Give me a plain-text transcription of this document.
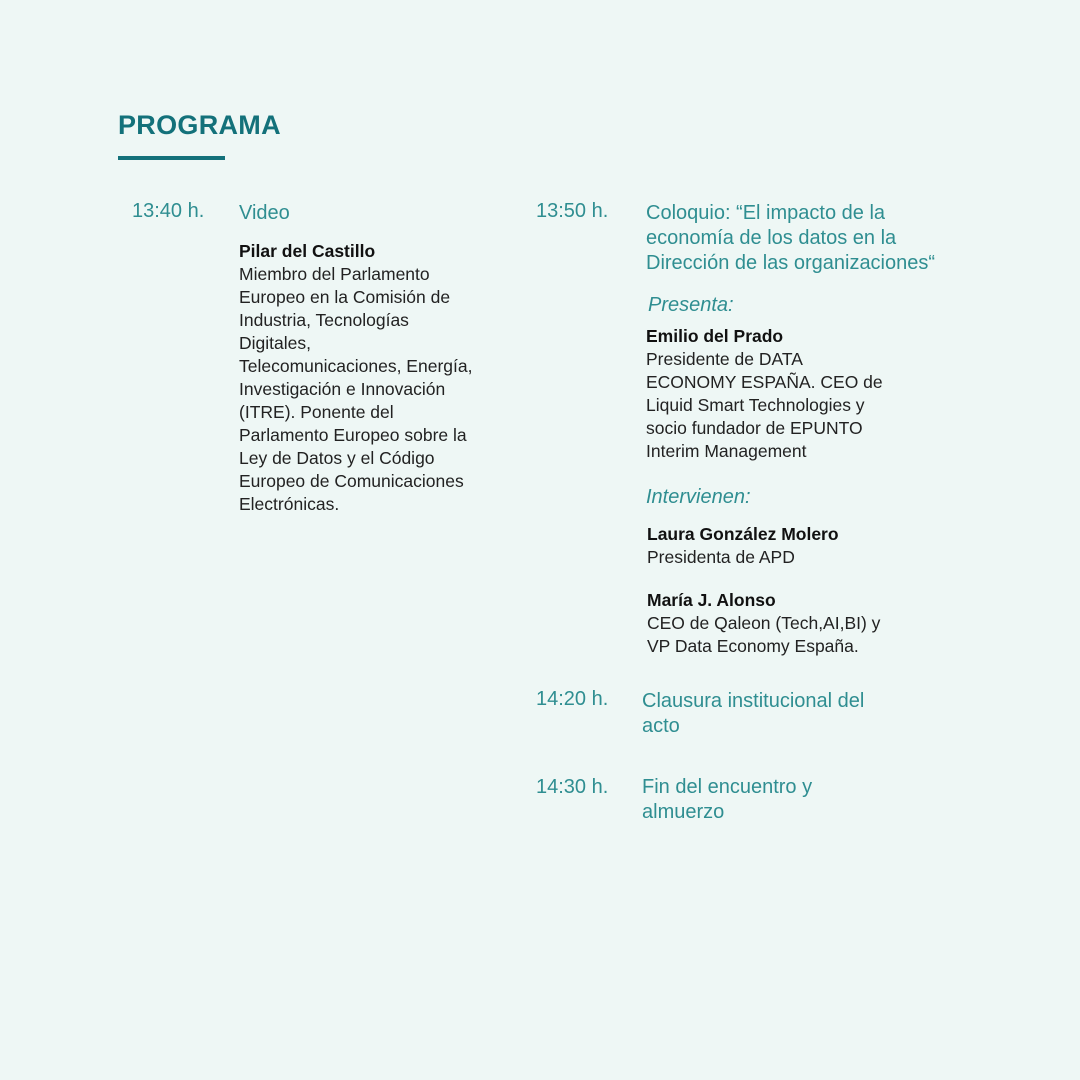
PROGRAMA
13:40 h. Video
Pilar del Castillo
Miembro del Parlamento
Europeo en la Comisión de
Industria, Tecnologías
Digitales,
Telecomunicaciones, Energía,
Investigación e Innovación
(ITRE). Ponente del
Parlamento Europeo sobre la
Ley de Datos y el Código
Europeo de Comunicaciones
Electrónicas.
13:50 h. Coloquio: “El impacto de la
economía de los datos en la
Dirección de las organizaciones“
Presenta:
Emilio del Prado
Presidente de DATA
ECONOMY ESPAÑA. CEO de
Liquid Smart Technologies y
socio fundador de EPUNTO
Interim Management
Intervienen:
Laura González Molero
Presidenta de APD
María J. Alonso
CEO de Qaleon (Tech,AI,BI) y
VP Data Economy España.
14:20 h. Clausura institucional del
acto
14:30 h. Fin del encuentro y
almuerzo
